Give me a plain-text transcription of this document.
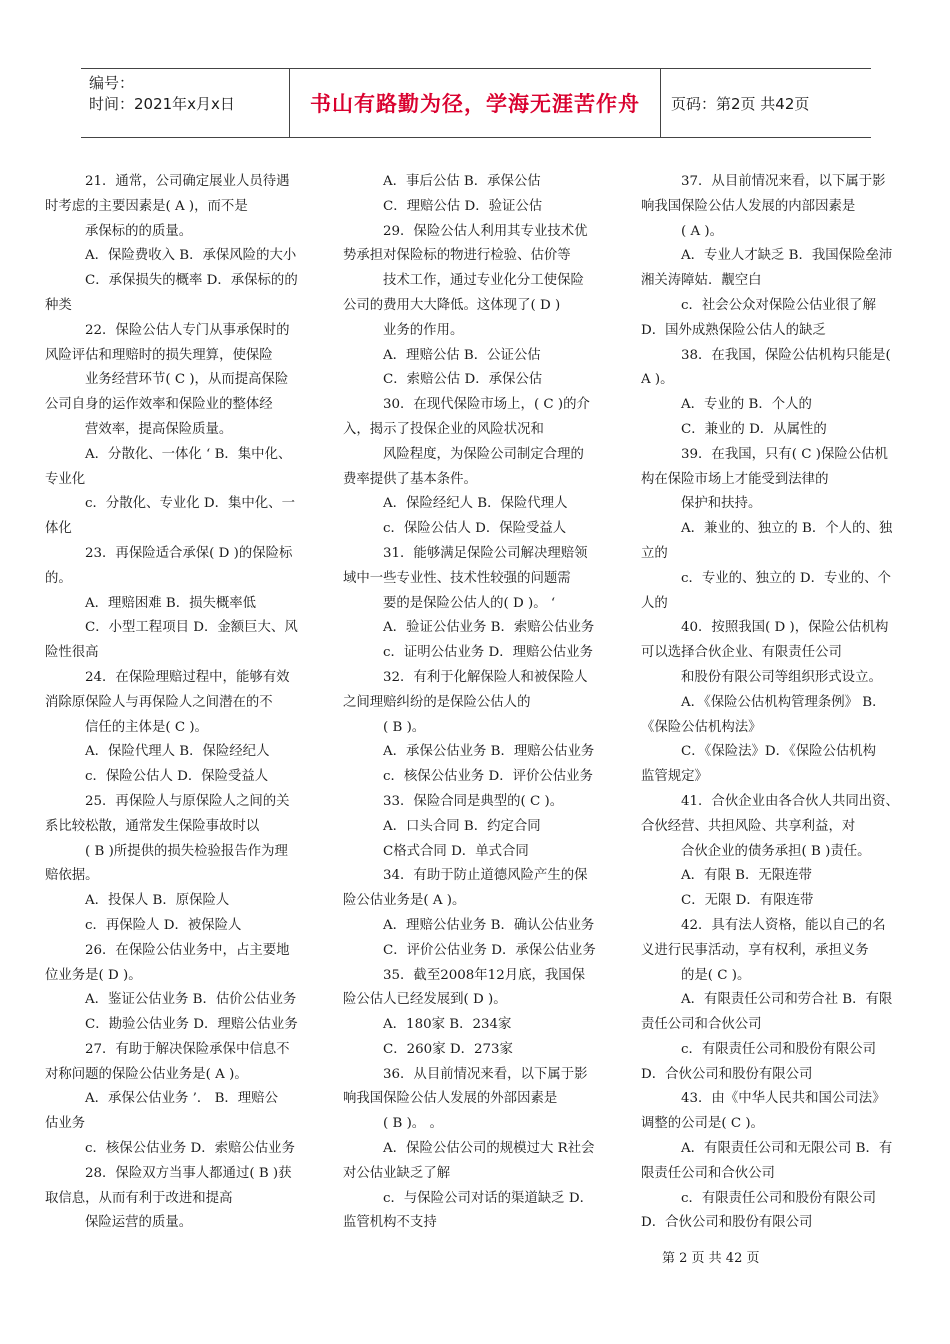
编号：
时间：2021年x月x日	书山有路勤为径，学海无涯苦作舟	页码：第2页 共42页

21．通常，公司确定展业人员待遇

时考虑的主要因素是( A )，而不是

承保标的的质量。

A．保险费收入 B．承保风险的大小

C．承保损失的概率 D．承保标的的

种类

22．保险公估人专门从事承保时的

风险评估和理赔时的损失理算，使保险

业务经营环节( C )，从而提高保险

公司自身的运作效率和保险业的整体经

营效率，提高保险质量。

A．分散化、一体化 ‘ B．集中化、

专业化

c．分散化、专业化 D．集中化、一

体化

23．再保险适合承保( D )的保险标

的。

A．理赔困难 B．损失概率低

C．小型工程项目 D．金额巨大、风

险性很高

24．在保险理赔过程中，能够有效

消除原保险人与再保险人之间潜在的不

信任的主体是( C )。

A．保险代理人 B．保险经纪人

c．保险公估人 D．保险受益人

25．再保险人与原保险人之间的关

系比较松散，通常发生保险事故时以

( B )所提供的损失检验报告作为理

赔依据。

A．投保人 B．原保险人

c．再保险人 D．被保险人

26．在保险公估业务中，占主要地

位业务是( D )。

A．鉴证公估业务 B．估价公估业务

C．勘验公估业务 D．理赔公估业务

27．有助于解决保险承保中信息不

对称问题的保险公估业务是( A )。

A．承保公估业务 ’． B．理赔公

估业务

c．核保公估业务 D．索赔公估业务

28．保险双方当事人都通过( B )获

取信息，从而有利于改进和提高

保险运营的质量。

A．事后公估 B．承保公估

C．理赔公估 D．验证公估

29．保险公估人利用其专业技术优

势承担对保险标的物进行检验、估价等

技术工作，通过专业化分工使保险

公司的费用大大降低。这体现了( D )

业务的作用。

A．理赔公估 B．公证公估

C．索赔公估 D．承保公估

30．在现代保险市场上，( C )的介

入，揭示了投保企业的风险状况和

风险程度，为保险公司制定合理的

费率提供了基本条件。

A．保险经纪人 B．保险代理人

c．保险公估人 D．保险受益人

31．能够满足保险公司解决理赔领

域中一些专业性、技术性较强的问题需

要的是保险公估人的( D )。 ‘

A．验证公估业务 B．索赔公估业务

c．证明公估业务 D．理赔公估业务

32．有利于化解保险人和被保险人

之间理赔纠纷的是保险公估人的

( B )。

A．承保公估业务 B．理赔公估业务

c．核保公估业务 D．评价公估业务

33．保险合同是典型的( C )。

A．口头合同 B．约定合同

C格式合同 D．单式合同

34．有助于防止道德风险产生的保

险公估业务是( A )。

A．理赔公估业务 B．确认公估业务

C．评价公估业务 D．承保公估业务

35．截至2008年12月底，我国保

险公估人已经发展到( D )。

A．180家 B．234家

C．260家 D．273家

36．从目前情况来看，以下属于影

响我国保险公估人发展的外部因素是

( B )。 。

A．保险公估公司的规模过大 R社会

对公估业缺乏了解

c．与保险公司对话的渠道缺乏 D．

监管机构不支持

37．从目前情况来看，以下属于影

响我国保险公估人发展的内部因素是

( A )。

A．专业人才缺乏 B．我国保险垒沛

湘关涛障姑．觏空白

c．社会公众对保险公估业很了解

D．国外成熟保险公估人的缺乏

38．在我国，保险公估机构只能是(

A )。

A．专业的 B．个人的

C．兼业的 D．从属性的

39．在我国，只有( C )保险公估机

构在保险市场上才能受到法律的

保护和扶持。

A．兼业的、独立的 B．个人的、独

立的

c．专业的、独立的 D．专业的、个

人的

40．按照我国( D )，保险公估机构

可以选择合伙企业、有限责任公司

和股份有限公司等组织形式设立。

A．《保险公估机构管理条例》 B．

《保险公估机构法》

C．《保险法》D．《保险公估机构

监管规定》

41．合伙企业由各合伙人共同出资、

合伙经营、共担风险、共享利益，对

合伙企业的债务承担( B )责任。

A．有限 B．无限连带

C．无限 D．有限连带

42．具有法人资格，能以自己的名

义进行民事活动，享有权利，承担义务

的是( C )。

A．有限责任公司和劳合社 B．有限

责任公司和合伙公司

c．有限责任公司和股份有限公司

D．合伙公司和股份有限公司

43．由《中华人民共和国公司法》

调整的公司是( C )。

A．有限责任公司和无限公司 B．有

限责任公司和合伙公司

c．有限责任公司和股份有限公司

D．合伙公司和股份有限公司

第 2 页 共 42 页
